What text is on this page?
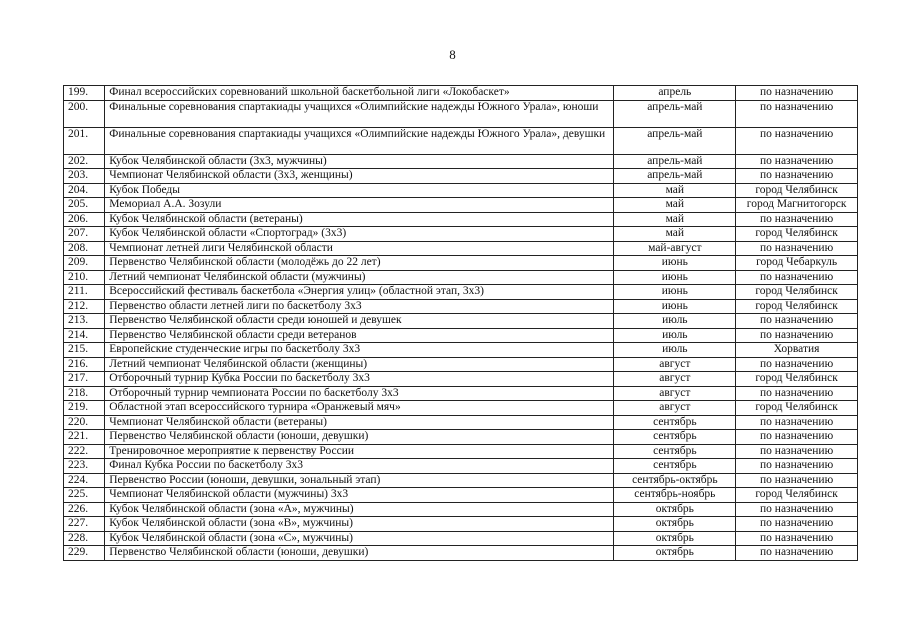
8
199.	Финал всероссийских соревнований школьной баскетбольной лиги «Локобаскет»	апрель	по назначению
200.	Финальные соревнования спартакиады учащихся «Олимпийские надежды Южного Урала», юноши	апрель-май	по назначению
201.	Финальные соревнования спартакиады учащихся «Олимпийские надежды Южного Урала», девушки	апрель-май	по назначению
202.	Кубок Челябинской области (3х3, мужчины)	апрель-май	по назначению
203.	Чемпионат Челябинской области (3х3, женщины)	апрель-май	по назначению
204.	Кубок Победы	май	город Челябинск
205.	Мемориал А.А. Зозули	май	город Магнитогорск
206.	Кубок Челябинской области (ветераны)	май	по назначению
207.	Кубок Челябинской области «Спортоград» (3х3)	май	город Челябинск
208.	Чемпионат летней лиги Челябинской области	май-август	по назначению
209.	Первенство Челябинской области (молодёжь до 22 лет)	июнь	город Чебаркуль
210.	Летний чемпионат Челябинской области (мужчины)	июнь	по назначению
211.	Всероссийский фестиваль баскетбола «Энергия улиц» (областной этап, 3х3)	июнь	город Челябинск
212.	Первенство области летней лиги по баскетболу 3х3	июнь	город Челябинск
213.	Первенство Челябинской области среди юношей и девушек	июль	по назначению
214.	Первенство Челябинской области среди ветеранов	июль	по назначению
215.	Европейские студенческие игры по баскетболу 3х3	июль	Хорватия
216.	Летний чемпионат Челябинской области (женщины)	август	по назначению
217.	Отборочный турнир Кубка России по баскетболу 3х3	август	город Челябинск
218.	Отборочный турнир чемпионата России по баскетболу 3х3	август	по назначению
219.	Областной этап всероссийского турнира «Оранжевый мяч»	август	город Челябинск
220.	Чемпионат Челябинской области (ветераны)	сентябрь	по назначению
221.	Первенство Челябинской области (юноши, девушки)	сентябрь	по назначению
222.	Тренировочное мероприятие к первенству России	сентябрь	по назначению
223.	Финал Кубка России по баскетболу 3х3	сентябрь	по назначению
224.	Первенство России (юноши, девушки, зональный этап)	сентябрь-октябрь	по назначению
225.	Чемпионат Челябинской области (мужчины) 3х3	сентябрь-ноябрь	город Челябинск
226.	Кубок Челябинской области (зона «А», мужчины)	октябрь	по назначению
227.	Кубок Челябинской области (зона «В», мужчины)	октябрь	по назначению
228.	Кубок Челябинской области (зона «С», мужчины)	октябрь	по назначению
229.	Первенство Челябинской области (юноши, девушки)	октябрь	по назначению
